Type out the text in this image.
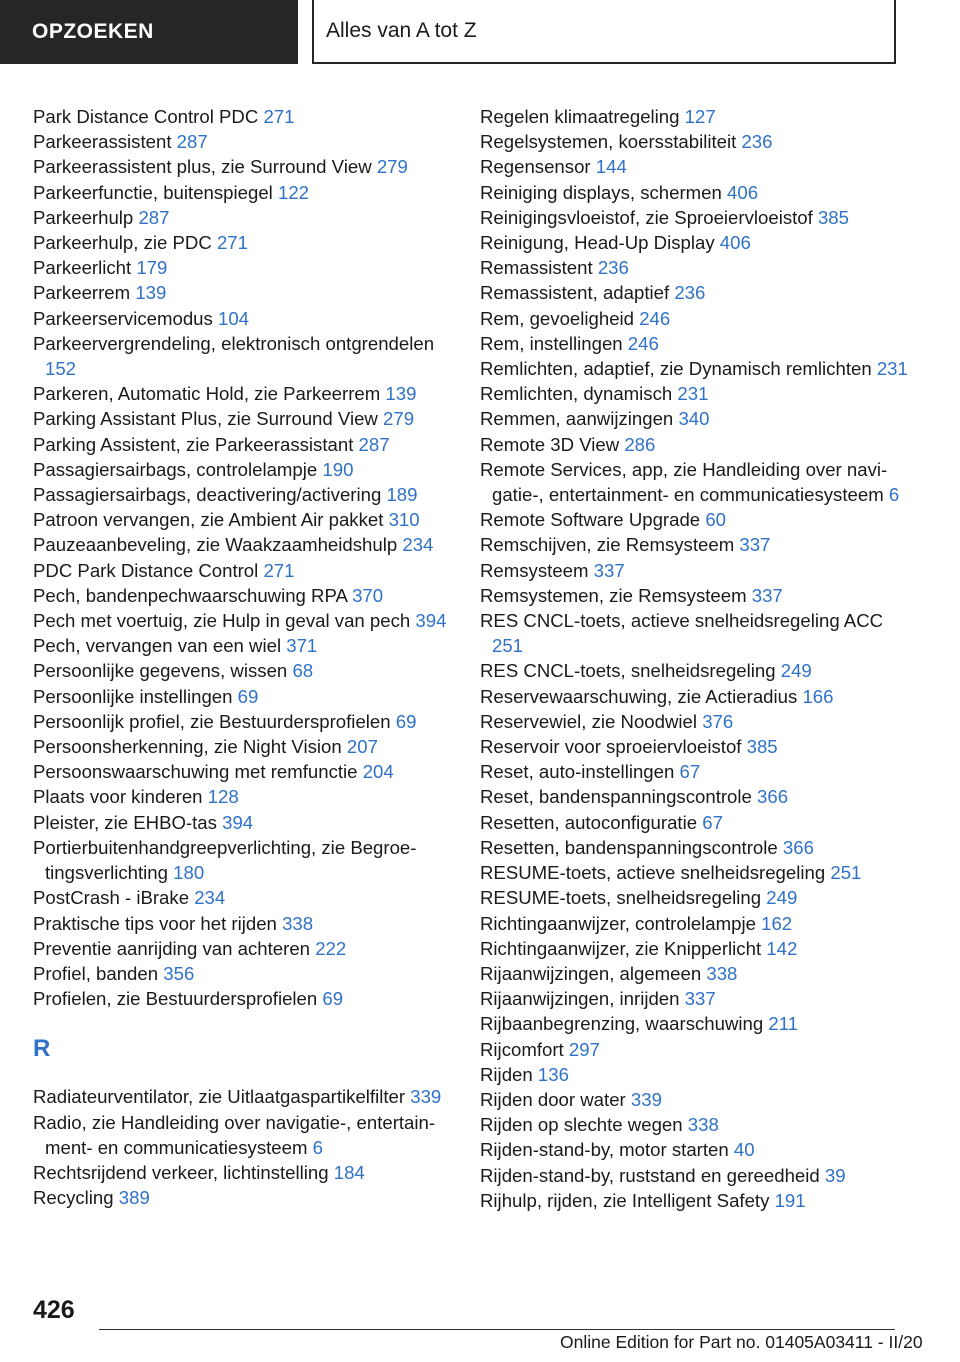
OPZOEKEN	Alles van A tot Z

Park Distance Control PDC 271

Parkeerassistent 287

Parkeerassistent plus, zie Surround View 279

Parkeerfunctie, buitenspiegel 122

Parkeerhulp 287

Parkeerhulp, zie PDC 271

Parkeerlicht 179

Parkeerrem 139

Parkeerservicemodus 104

Parkeervergrendeling, elektronisch ontgrendelen 152

Parkeren, Automatic Hold, zie Parkeerrem 139

Parking Assistant Plus, zie Surround View 279

Parking Assistent, zie Parkeerassistant 287

Passagiersairbags, controlelampje 190

Passagiersairbags, deactivering/activering 189

Patroon vervangen, zie Ambient Air pakket 310

Pauzeaanbeveling, zie Waakzaamheidshulp 234

PDC Park Distance Control 271

Pech, bandenpechwaarschuwing RPA 370

Pech met voertuig, zie Hulp in geval van pech 394

Pech, vervangen van een wiel 371

Persoonlijke gegevens, wissen 68

Persoonlijke instellingen 69

Persoonlijk profiel, zie Bestuurdersprofielen 69

Persoonsherkenning, zie Night Vision 207

Persoonswaarschuwing met remfunctie 204

Plaats voor kinderen 128

Pleister, zie EHBO-tas 394

Portierbuitenhandgreepverlichting, zie Begroetingsverlichting 180

PostCrash - iBrake 234

Praktische tips voor het rijden 338

Preventie aanrijding van achteren 222

Profiel, banden 356

Profielen, zie Bestuurdersprofielen 69

R

Radiateurventilator, zie Uitlaatgaspartikelfilter 339

Radio, zie Handleiding over navigatie-, entertainment- en communicatiesysteem 6

Rechtsrijdend verkeer, lichtinstelling 184

Recycling 389

Regelen klimaatregeling 127

Regelsystemen, koersstabiliteit 236

Regensensor 144

Reiniging displays, schermen 406

Reinigingsvloeistof, zie Sproeiervloeistof 385

Reinigung, Head-Up Display 406

Remassistent 236

Remassistent, adaptief 236

Rem, gevoeligheid 246

Rem, instellingen 246

Remlichten, adaptief, zie Dynamisch remlichten 231

Remlichten, dynamisch 231

Remmen, aanwijzingen 340

Remote 3D View 286

Remote Services, app, zie Handleiding over navigatie-, entertainment- en communicatiesysteem 6

Remote Software Upgrade 60

Remschijven, zie Remsysteem 337

Remsysteem 337

Remsystemen, zie Remsysteem 337

RES CNCL-toets, actieve snelheidsregeling ACC 251

RES CNCL-toets, snelheidsregeling 249

Reservewaarschuwing, zie Actieradius 166

Reservewiel, zie Noodwiel 376

Reservoir voor sproeiervloeistof 385

Reset, auto-instellingen 67

Reset, bandenspanningscontrole 366

Resetten, autoconfiguratie 67

Resetten, bandenspanningscontrole 366

RESUME-toets, actieve snelheidsregeling 251

RESUME-toets, snelheidsregeling 249

Richtingaanwijzer, controlelampje 162

Richtingaanwijzer, zie Knipperlicht 142

Rijaanwijzingen, algemeen 338

Rijaanwijzingen, inrijden 337

Rijbaanbegrenzing, waarschuwing 211

Rijcomfort 297

Rijden 136

Rijden door water 339

Rijden op slechte wegen 338

Rijden-stand-by, motor starten 40

Rijden-stand-by, ruststand en gereedheid 39

Rijhulp, rijden, zie Intelligent Safety 191

426
Online Edition for Part no. 01405A03411 - II/20
